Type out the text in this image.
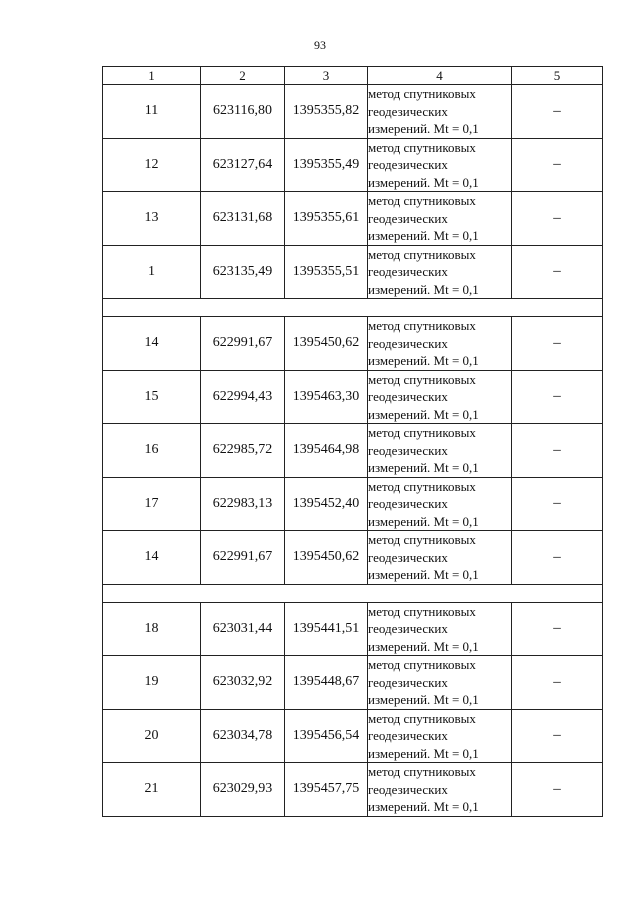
93
1	2	3	4	5
11	623116,80	1395355,82	метод спутниковых
геодезических
измерений. Mt = 0,1	–
12	623127,64	1395355,49	метод спутниковых
геодезических
измерений. Mt = 0,1	–
13	623131,68	1395355,61	метод спутниковых
геодезических
измерений. Mt = 0,1	–
1	623135,49	1395355,51	метод спутниковых
геодезических
измерений. Mt = 0,1	–

14	622991,67	1395450,62	метод спутниковых
геодезических
измерений. Mt = 0,1	–
15	622994,43	1395463,30	метод спутниковых
геодезических
измерений. Mt = 0,1	–
16	622985,72	1395464,98	метод спутниковых
геодезических
измерений. Mt = 0,1	–
17	622983,13	1395452,40	метод спутниковых
геодезических
измерений. Mt = 0,1	–
14	622991,67	1395450,62	метод спутниковых
геодезических
измерений. Mt = 0,1	–

18	623031,44	1395441,51	метод спутниковых
геодезических
измерений. Mt = 0,1	–
19	623032,92	1395448,67	метод спутниковых
геодезических
измерений. Mt = 0,1	–
20	623034,78	1395456,54	метод спутниковых
геодезических
измерений. Mt = 0,1	–
21	623029,93	1395457,75	метод спутниковых
геодезических
измерений. Mt = 0,1	–
